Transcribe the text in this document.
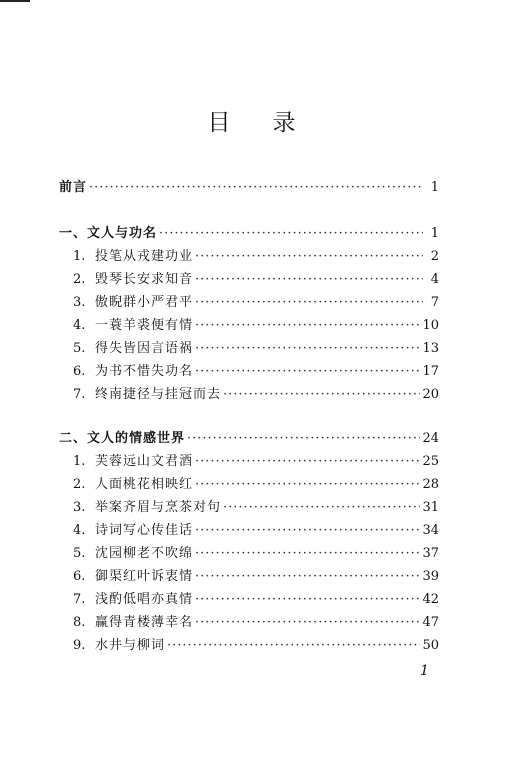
目 录
前言 ·····	1
一、文人与功名 ·····	1
1. 投笔从戎建功业 ·····	2
2. 毁琴长安求知音 ·····	4
3. 傲睨群小严君平 ·····	7
4. 一蓑羊裘便有情 ·····	10
5. 得失皆因言语祸 ·····	13
6. 为书不惜失功名 ·····	17
7. 终南捷径与挂冠而去 ·····	20
二、文人的情感世界 ·····	24
1. 芙蓉远山文君酒 ·····	25
2. 人面桃花相映红 ·····	28
3. 举案齐眉与烹茶对句 ·····	31
4. 诗词写心传佳话 ·····	34
5. 沈园柳老不吹绵 ·····	37
6. 御渠红叶诉衷情 ·····	39
7. 浅酌低唱亦真情 ·····	42
8. 赢得青楼薄幸名 ·····	47
9. 水井与柳词 ·····	50
1
